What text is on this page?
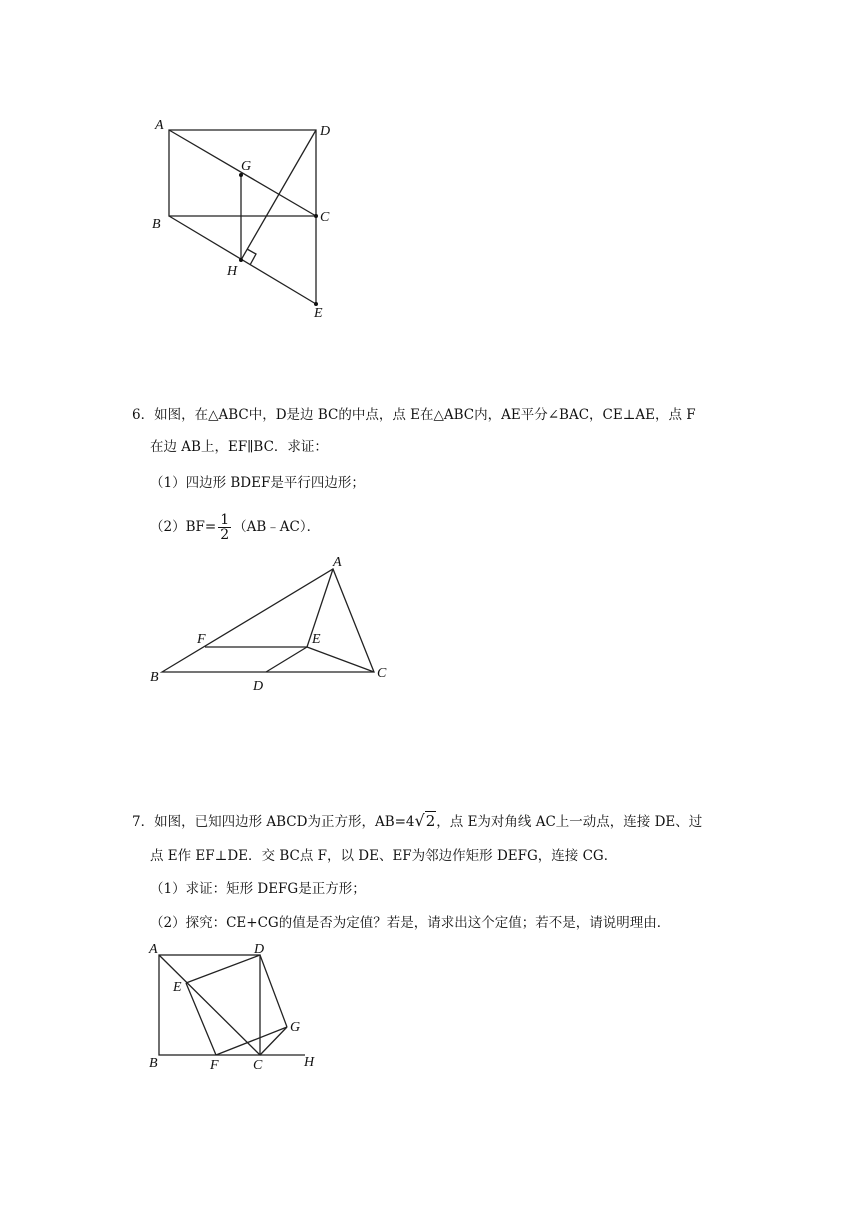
A	D
G
B	C
H
E
A
F	E
B
D
C
A	D
E
G
B	F C	H
6．如图，在△ABC中，D是边 BC的中点，点 E在△ABC内，AE平分∠BAC，CE⊥AE，点 F
在边 AB上，EF∥BC．求证：
（1）四边形 BDEF是平行四边形；
$(2)BF= \frac{1}{2}$ （AB﹣AC）．
7．如图，已知四边形 ABCD为正方形，AB=4√2，点 E为对角线 AC上一动点，连接 DE、过
点 E作 EF⊥DE．交 BC点 F，以 DE、EF为邻边作矩形 DEFG，连接 CG．
（1）求证：矩形 DEFG是正方形；
（2）探究：CE+CG的值是否为定值？若是，请求出这个定值；若不是，请说明理由．
